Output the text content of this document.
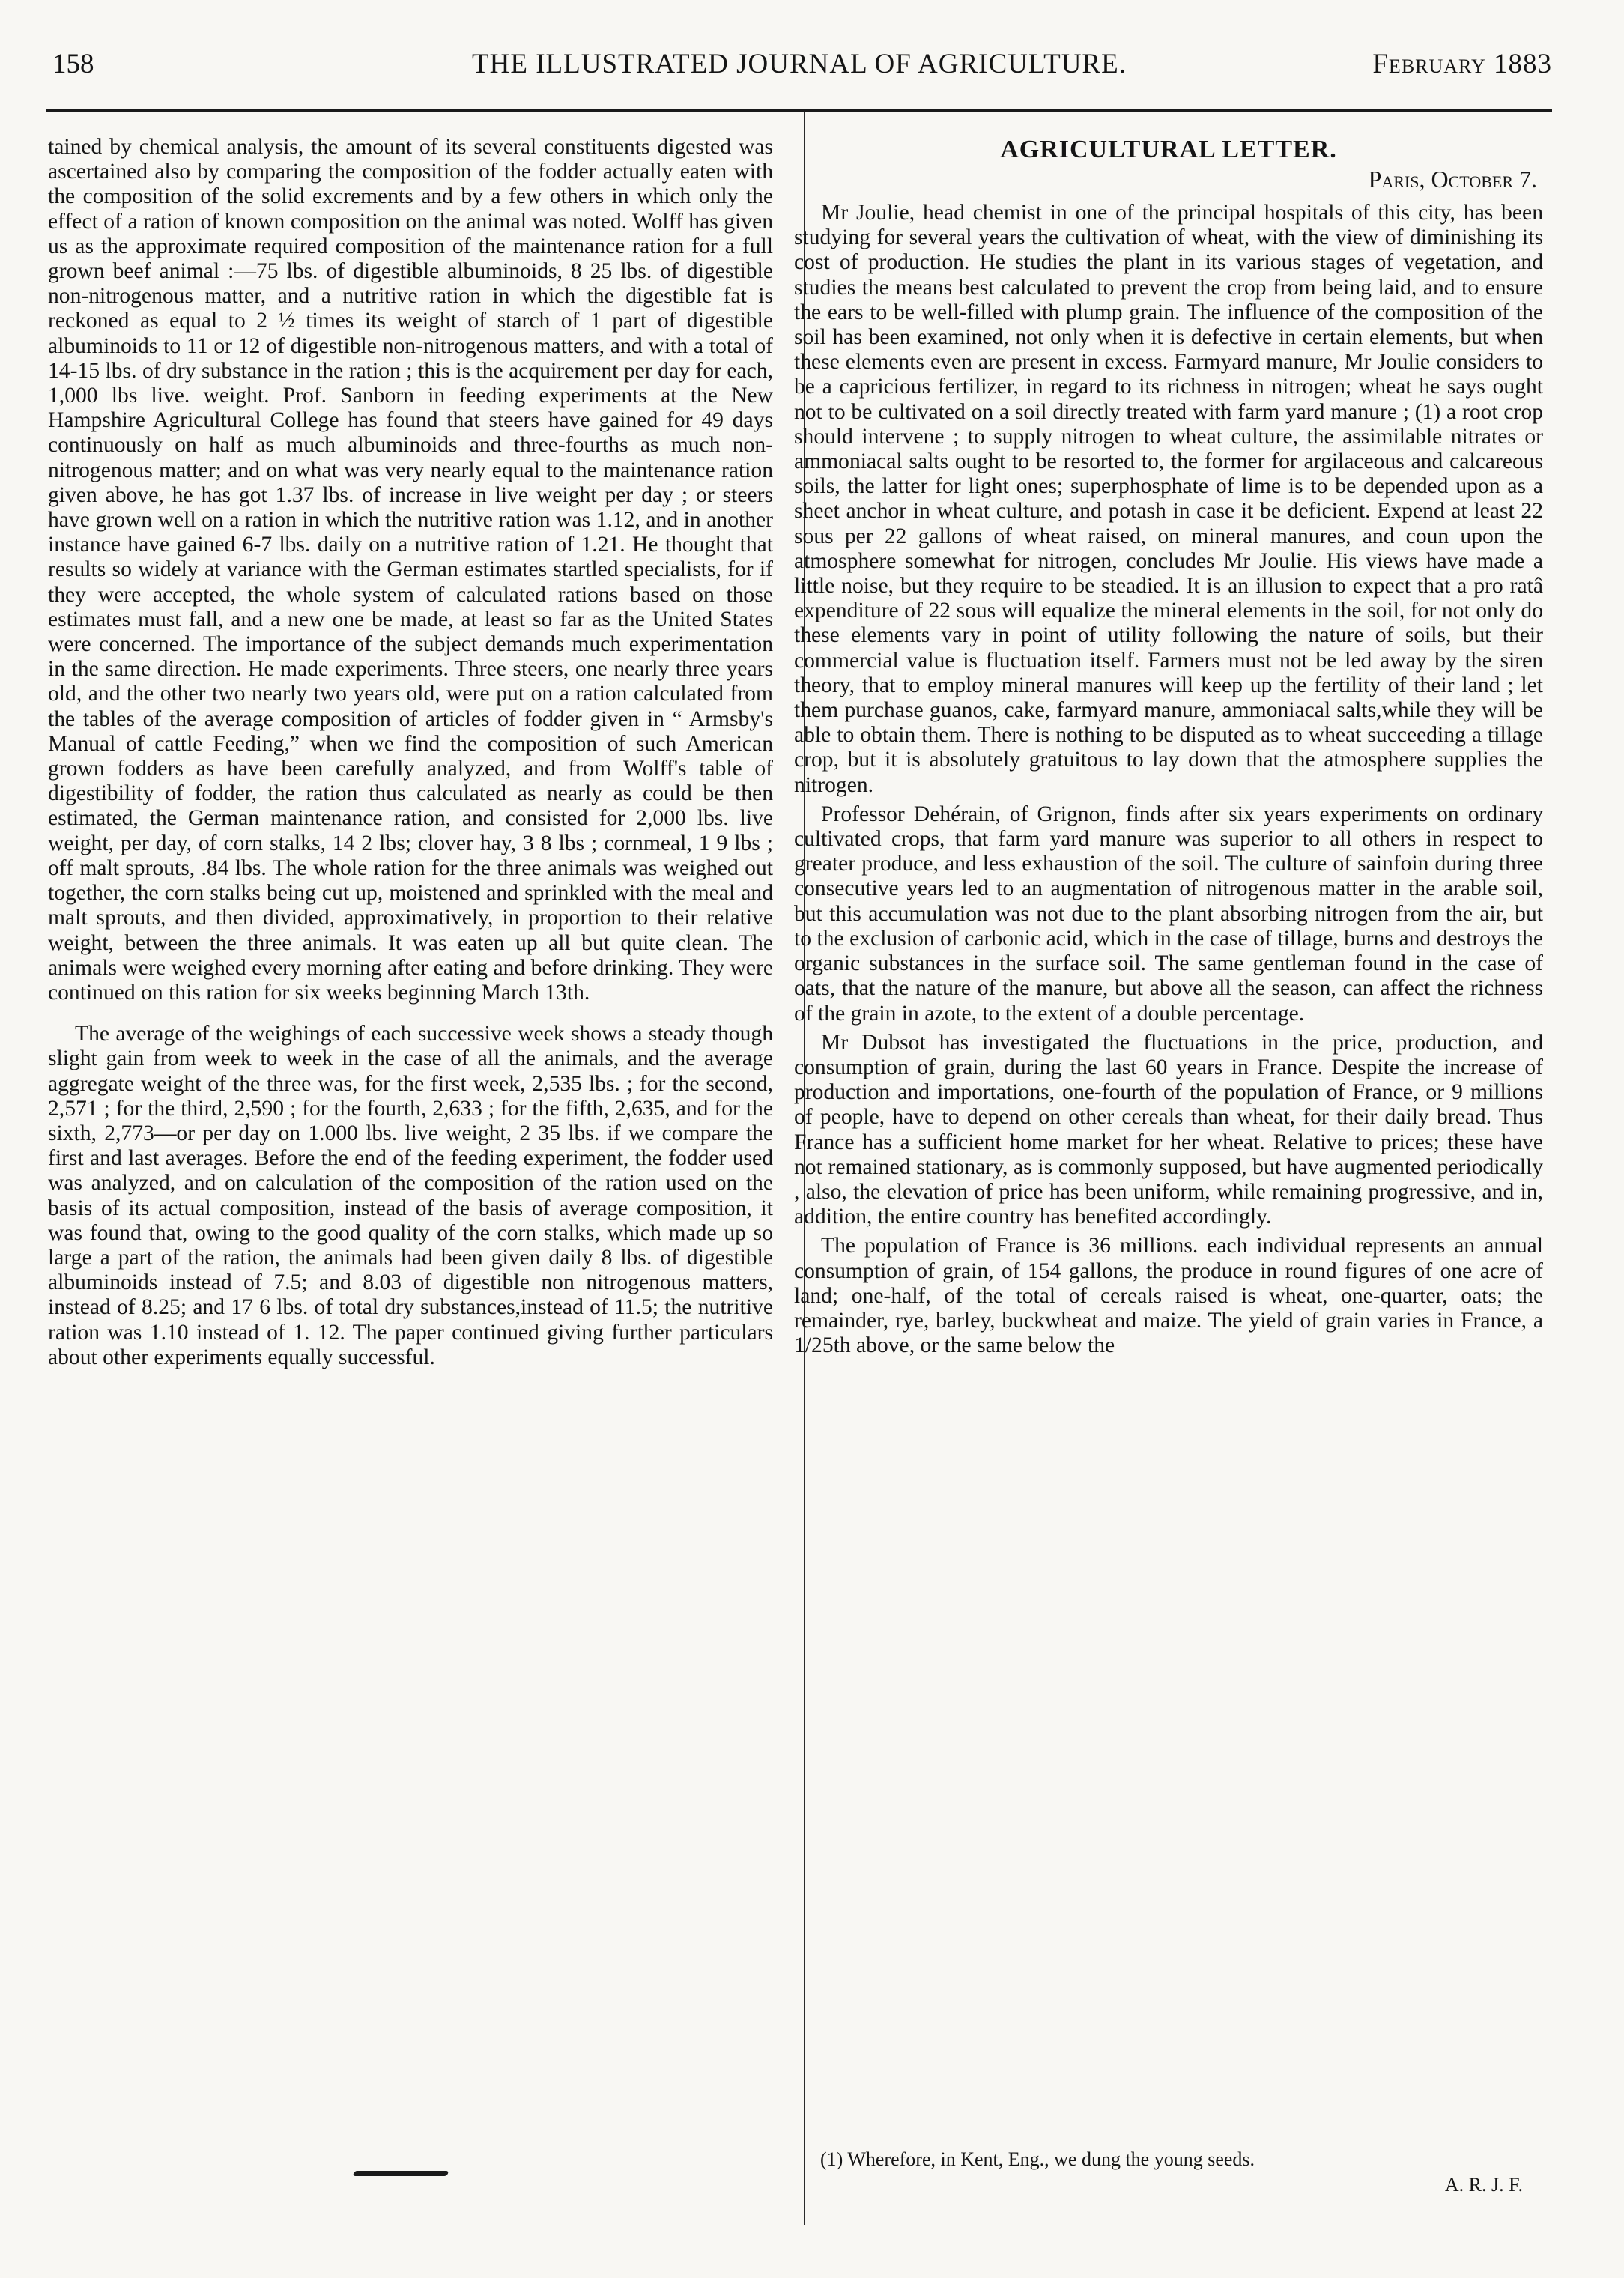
158	THE ILLUSTRATED JOURNAL OF AGRICULTURE.	February 1883

tained by chemical analysis, the amount of its several constituents digested was ascertained also by comparing the composition of the fodder actually eaten with the composition of the solid excrements and by a few others in which only the effect of a ration of known composition on the animal was noted. Wolff has given us as the approximate required composition of the maintenance ration for a full grown beef animal :—75 lbs. of digestible albuminoids, 8 25 lbs. of digestible non-nitrogenous matter, and a nutritive ration in which the digestible fat is reckoned as equal to 2 ½ times its weight of starch of 1 part of digestible albuminoids to 11 or 12 of digestible non-nitrogenous matters, and with a total of 14-15 lbs. of dry substance in the ration ; this is the acquirement per day for each, 1,000 lbs live. weight. Prof. Sanborn in feeding experiments at the New Hampshire Agricultural College has found that steers have gained for 49 days continuously on half as much albuminoids and three-fourths as much non-nitrogenous matter; and on what was very nearly equal to the maintenance ration given above, he has got 1.37 lbs. of increase in live weight per day ; or steers have grown well on a ration in which the nutritive ration was 1.12, and in another instance have gained 6-7 lbs. daily on a nutritive ration of 1.21. He thought that results so widely at variance with the German estimates startled specialists, for if they were accepted, the whole system of calculated rations based on those estimates must fall, and a new one be made, at least so far as the United States were concerned. The importance of the subject demands much experimentation in the same direction. He made experiments. Three steers, one nearly three years old, and the other two nearly two years old, were put on a ration calculated from the tables of the average composition of articles of fodder given in “ Armsby's Manual of cattle Feeding,” when we find the composition of such American grown fodders as have been carefully analyzed, and from Wolff's table of digestibility of fodder, the ration thus calculated as nearly as could be then estimated, the German maintenance ration, and consisted for 2,000 lbs. live weight, per day, of corn stalks, 14 2 lbs; clover hay, 3 8 lbs ; cornmeal, 1 9 lbs ; off malt sprouts, .84 lbs. The whole ration for the three animals was weighed out together, the corn stalks being cut up, moistened and sprinkled with the meal and malt sprouts, and then divided, approximatively, in proportion to their relative weight, between the three animals. It was eaten up all but quite clean. The animals were weighed every morning after eating and before drinking. They were continued on this ration for six weeks beginning March 13th.

The average of the weighings of each successive week shows a steady though slight gain from week to week in the case of all the animals, and the average aggregate weight of the three was, for the first week, 2,535 lbs. ; for the second, 2,571 ; for the third, 2,590 ; for the fourth, 2,633 ; for the fifth, 2,635, and for the sixth, 2,773—or per day on 1.000 lbs. live weight, 2 35 lbs. if we compare the first and last averages. Before the end of the feeding experiment, the fodder used was analyzed, and on calculation of the composition of the ration used on the basis of its actual composition, instead of the basis of average composition, it was found that, owing to the good quality of the corn stalks, which made up so large a part of the ration, the animals had been given daily 8 lbs. of digestible albuminoids instead of 7.5; and 8.03 of digestible non nitrogenous matters, instead of 8.25; and 17 6 lbs. of total dry substances,instead of 11.5; the nutritive ration was 1.10 instead of 1. 12. The paper continued giving further particulars about other experiments equally successful.

AGRICULTURAL LETTER.
Paris, October 7.

Mr Joulie, head chemist in one of the principal hospitals of this city, has been studying for several years the cultivation of wheat, with the view of diminishing its cost of production. He studies the plant in its various stages of vegetation, and studies the means best calculated to prevent the crop from being laid, and to ensure the ears to be well-filled with plump grain. The influence of the composition of the soil has been examined, not only when it is defective in certain elements, but when these elements even are present in excess. Farmyard manure, Mr Joulie considers to be a capricious fertilizer, in regard to its richness in nitrogen; wheat he says ought not to be cultivated on a soil directly treated with farm yard manure ; (1) a root crop should intervene ; to supply nitrogen to wheat culture, the assimilable nitrates or ammoniacal salts ought to be resorted to, the former for argilaceous and calcareous soils, the latter for light ones; superphosphate of lime is to be depended upon as a sheet anchor in wheat culture, and potash in case it be deficient. Expend at least 22 sous per 22 gallons of wheat raised, on mineral manures, and coun upon the atmosphere somewhat for nitrogen, concludes Mr Joulie. His views have made a little noise, but they require to be steadied. It is an illusion to expect that a pro ratâ expenditure of 22 sous will equalize the mineral elements in the soil, for not only do these elements vary in point of utility following the nature of soils, but their commercial value is fluctuation itself. Farmers must not be led away by the siren theory, that to employ mineral manures will keep up the fertility of their land ; let them purchase guanos, cake, farmyard manure, ammoniacal salts,while they will be able to obtain them. There is nothing to be disputed as to wheat succeeding a tillage crop, but it is absolutely gratuitous to lay down that the atmosphere supplies the nitrogen.

Professor Dehérain, of Grignon, finds after six years experiments on ordinary cultivated crops, that farm yard manure was superior to all others in respect to greater produce, and less exhaustion of the soil. The culture of sainfoin during three consecutive years led to an augmentation of nitrogenous matter in the arable soil, but this accumulation was not due to the plant absorbing nitrogen from the air, but to the exclusion of carbonic acid, which in the case of tillage, burns and destroys the organic substances in the surface soil. The same gentleman found in the case of oats, that the nature of the manure, but above all the season, can affect the richness of the grain in azote, to the extent of a double percentage.

Mr Dubsot has investigated the fluctuations in the price, production, and consumption of grain, during the last 60 years in France. Despite the increase of production and importations, one-fourth of the population of France, or 9 millions of people, have to depend on other cereals than wheat, for their daily bread. Thus France has a sufficient home market for her wheat. Relative to prices; these have not remained stationary, as is commonly supposed, but have augmented periodically , also, the elevation of price has been uniform, while remaining progressive, and in, addition, the entire country has benefited accordingly.

The population of France is 36 millions. each individual represents an annual consumption of grain, of 154 gallons, the produce in round figures of one acre of land; one-half, of the total of cereals raised is wheat, one-quarter, oats; the remainder, rye, barley, buckwheat and maize. The yield of grain varies in France, a 1/25th above, or the same below the

(1) Wherefore, in Kent, Eng., we dung the young seeds.
A. R. J. F.
